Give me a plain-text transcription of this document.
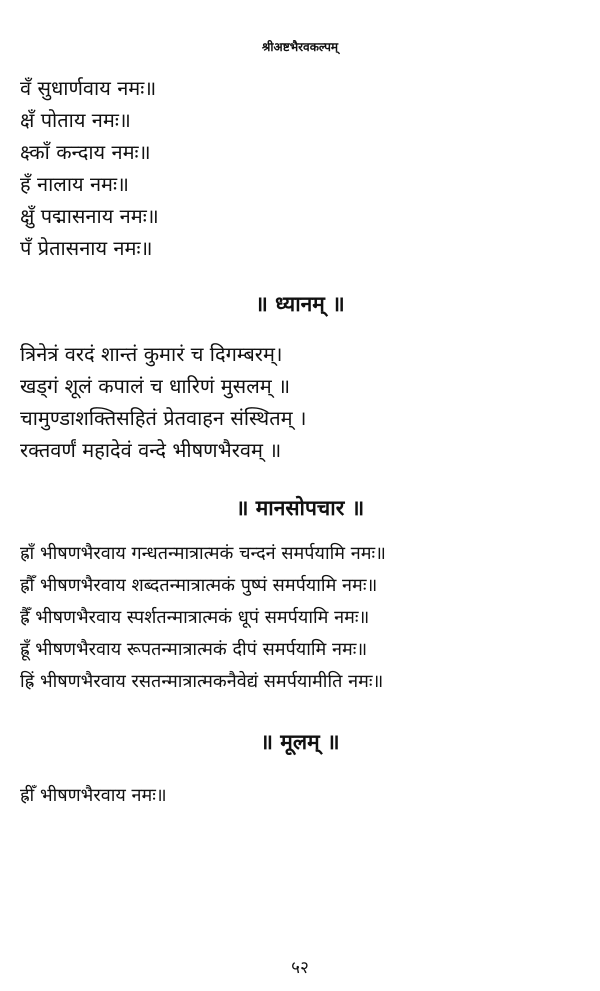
श्रीअष्टभैरवकल्पम्
वँ सुधार्णवाय नमः॥
क्षँ पोताय नमः॥
क्ष्काँ कन्दाय नमः॥
हँ नालाय नमः॥
क्षुँ पद्मासनाय नमः॥
पँ प्रेतासनाय नमः॥
॥ ध्यानम् ॥
त्रिनेत्रं वरदं शान्तं कुमारं च दिगम्बरम्।
खड्गं शूलं कपालं च धारिणं मुसलम् ॥
चामुण्डाशक्तिसहितं प्रेतवाहन संस्थितम् ।
रक्तवर्णं महादेवं वन्दे भीषणभैरवम् ॥
॥ मानसोपचार ॥
ह्राँ भीषणभैरवाय गन्धतन्मात्रात्मकं चन्दनं समर्पयामि नमः॥
ह्रौँ भीषणभैरवाय शब्दतन्मात्रात्मकं पुष्पं समर्पयामि नमः॥
ह्रैँ भीषणभैरवाय स्पर्शतन्मात्रात्मकं धूपं समर्पयामि नमः॥
ह्रूँ भीषणभैरवाय रूपतन्मात्रात्मकं दीपं समर्पयामि नमः॥
ह्रिं भीषणभैरवाय रसतन्मात्रात्मकनैवेद्यं समर्पयामीति नमः॥
॥ मूलम् ॥
ह्रीँ भीषणभैरवाय नमः॥
५२
